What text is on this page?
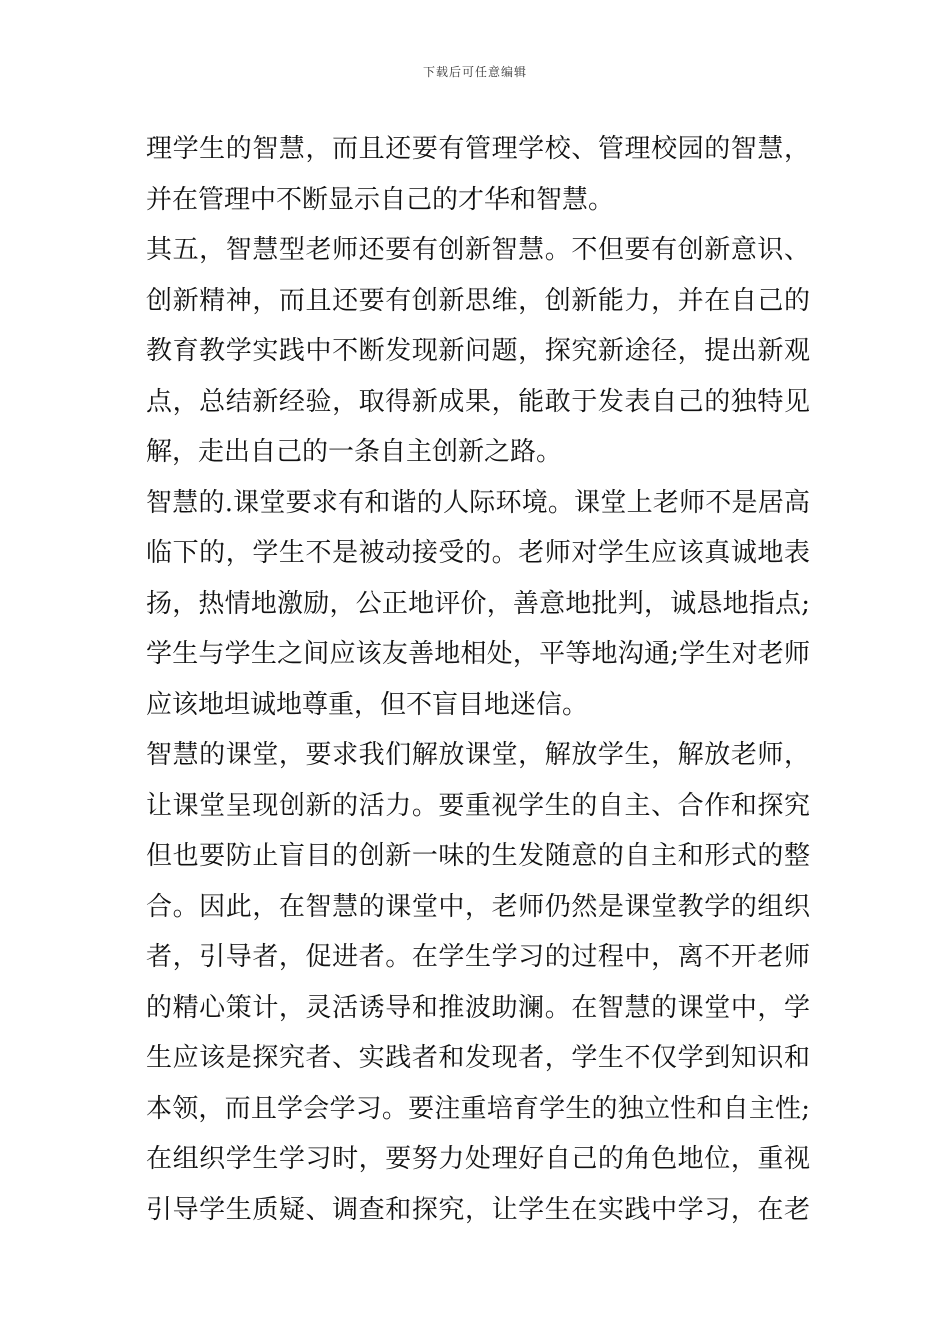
下载后可任意编辑
理学生的智慧，而且还要有管理学校、管理校园的智慧，
并在管理中不断显示自己的才华和智慧。
其五，智慧型老师还要有创新智慧。不但要有创新意识、
创新精神，而且还要有创新思维，创新能力，并在自己的
教育教学实践中不断发现新问题，探究新途径，提出新观
点，总结新经验，取得新成果，能敢于发表自己的独特见
解，走出自己的一条自主创新之路。
智慧的.课堂要求有和谐的人际环境。课堂上老师不是居高
临下的，学生不是被动接受的。老师对学生应该真诚地表
扬，热情地激励，公正地评价，善意地批判，诚恳地指点;
学生与学生之间应该友善地相处，平等地沟通;学生对老师
应该地坦诚地尊重，但不盲目地迷信。
智慧的课堂，要求我们解放课堂，解放学生，解放老师，
让课堂呈现创新的活力。要重视学生的自主、合作和探究
但也要防止盲目的创新一味的生发随意的自主和形式的整
合。因此，在智慧的课堂中，老师仍然是课堂教学的组织
者，引导者，促进者。在学生学习的过程中，离不开老师
的精心策计，灵活诱导和推波助澜。在智慧的课堂中，学
生应该是探究者、实践者和发现者，学生不仅学到知识和
本领，而且学会学习。要注重培育学生的独立性和自主性;
在组织学生学习时，要努力处理好自己的角色地位，重视
引导学生质疑、调查和探究，让学生在实践中学习，在老
